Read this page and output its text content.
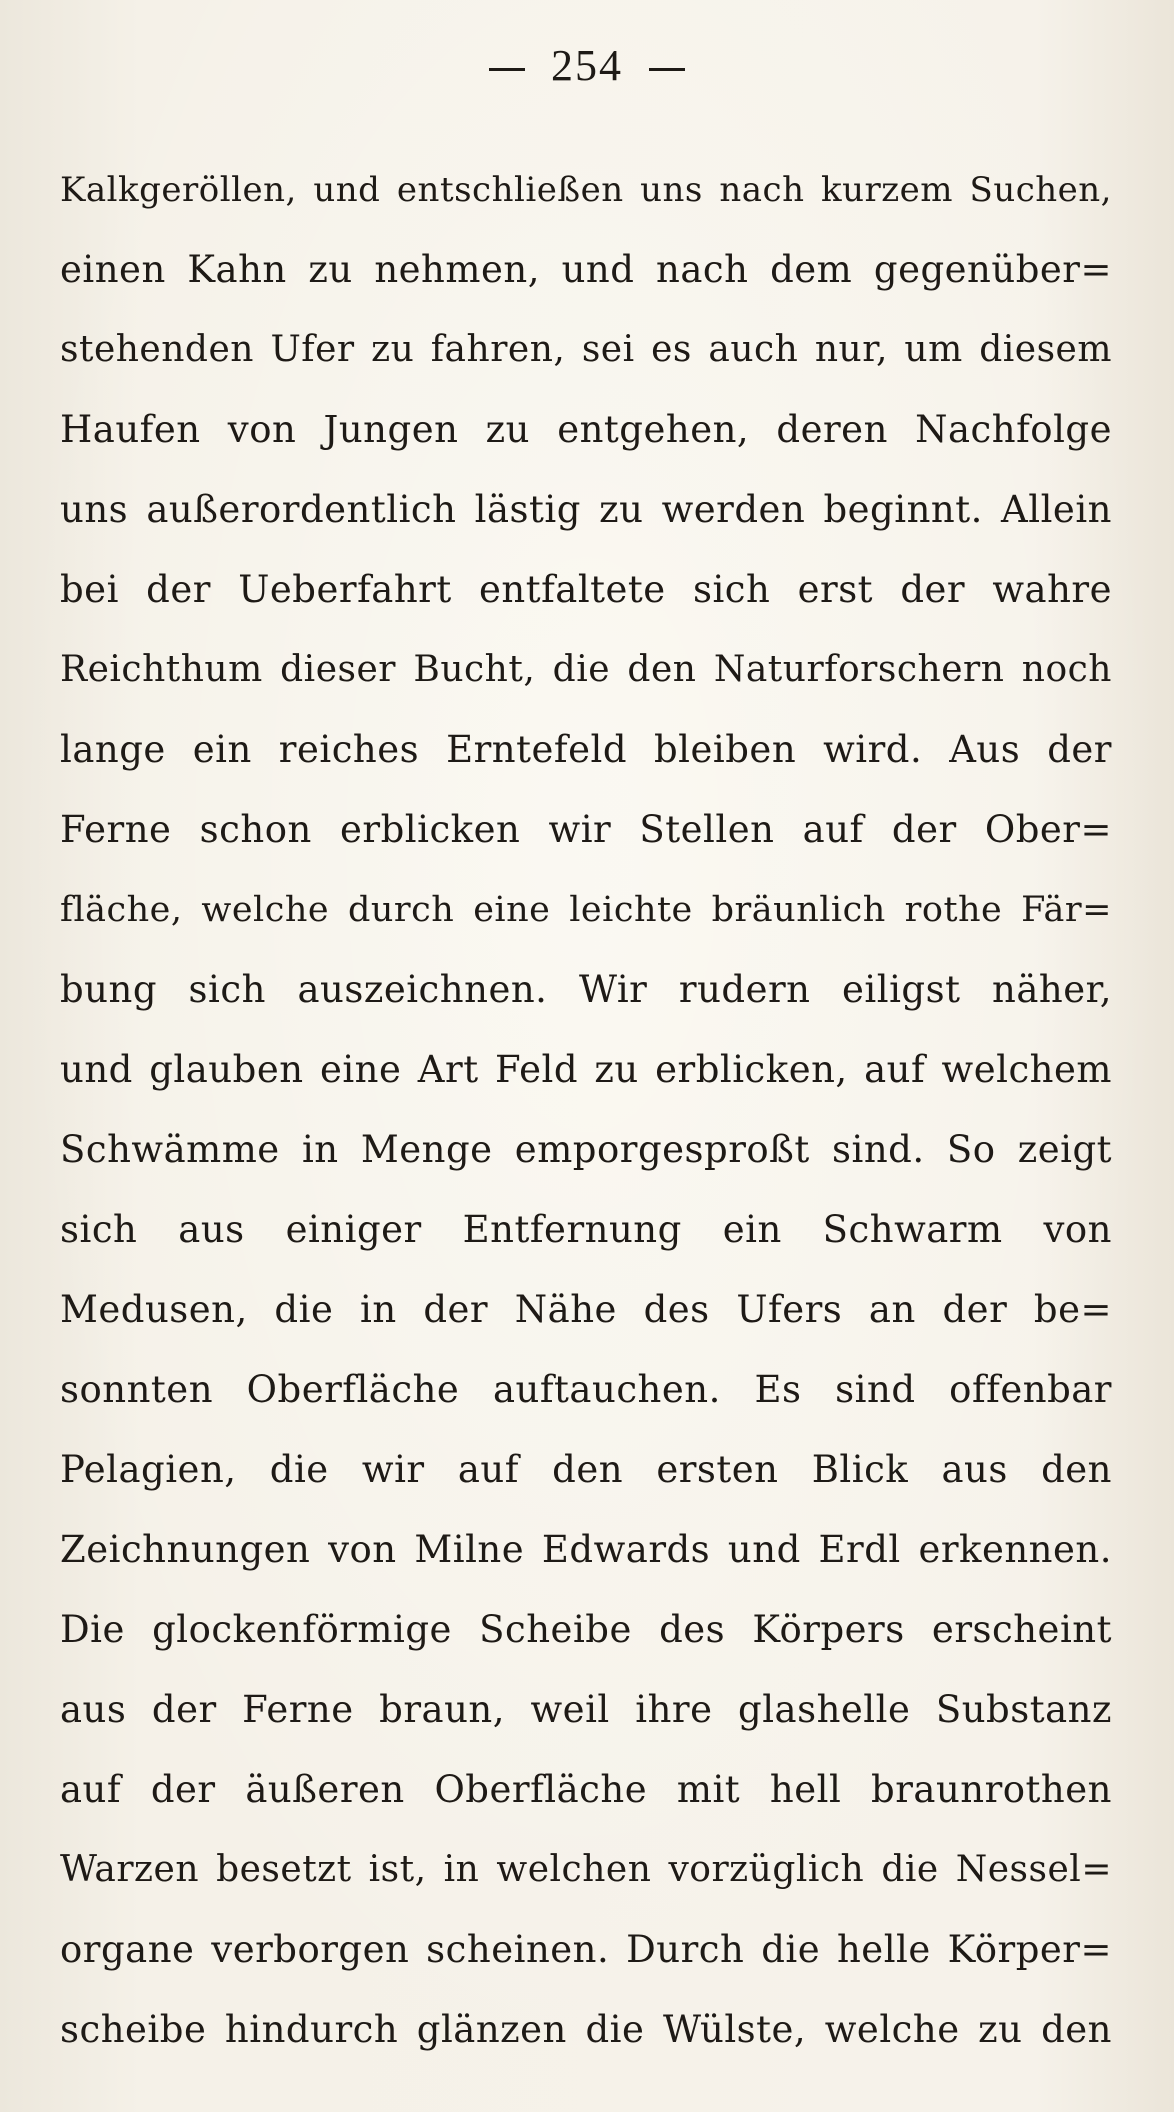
254
Kalkgeröllen, und entschließen uns nach kurzem Suchen,
einen Kahn zu nehmen, und nach dem gegenüber=
stehenden Ufer zu fahren, sei es auch nur, um diesem
Haufen von Jungen zu entgehen, deren Nachfolge
uns außerordentlich lästig zu werden beginnt. Allein
bei der Ueberfahrt entfaltete sich erst der wahre
Reichthum dieser Bucht, die den Naturforschern noch
lange ein reiches Erntefeld bleiben wird. Aus der
Ferne schon erblicken wir Stellen auf der Ober=
fläche, welche durch eine leichte bräunlich rothe Fär=
bung sich auszeichnen. Wir rudern eiligst näher,
und glauben eine Art Feld zu erblicken, auf welchem
Schwämme in Menge emporgesproßt sind. So zeigt
sich aus einiger Entfernung ein Schwarm von
Medusen, die in der Nähe des Ufers an der be=
sonnten Oberfläche auftauchen. Es sind offenbar
Pelagien, die wir auf den ersten Blick aus den
Zeichnungen von Milne Edwards und Erdl erkennen.
Die glockenförmige Scheibe des Körpers erscheint
aus der Ferne braun, weil ihre glashelle Substanz
auf der äußeren Oberfläche mit hell braunrothen
Warzen besetzt ist, in welchen vorzüglich die Nessel=
organe verborgen scheinen. Durch die helle Körper=
scheibe hindurch glänzen die Wülste, welche zu den
